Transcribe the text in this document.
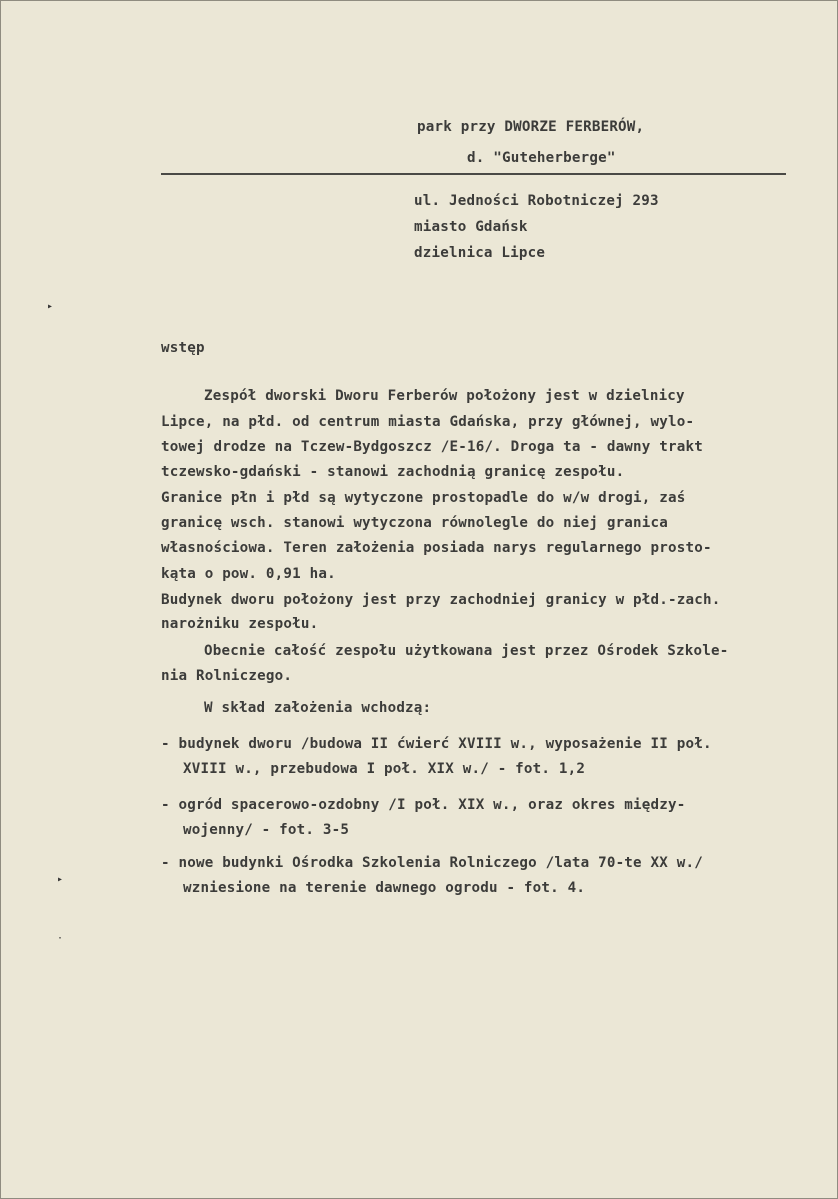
park przy DWORZE FERBERÓW,
d. "Guteherberge"
ul. Jedności Robotniczej 293
miasto Gdańsk
dzielnica Lipce
wstęp
Zespół dworski Dworu Ferberów położony jest w dzielnicy
Lipce, na płd. od centrum miasta Gdańska, przy głównej, wylo-
towej drodze na Tczew-Bydgoszcz /E-16/. Droga ta - dawny trakt
tczewsko-gdański - stanowi zachodnią granicę zespołu.
Granice płn i płd są wytyczone prostopadle do w/w drogi, zaś
granicę wsch. stanowi wytyczona równolegle do niej granica
własnościowa. Teren założenia posiada narys regularnego prosto-
kąta o pow. 0,91 ha.
Budynek dworu położony jest przy zachodniej granicy w płd.-zach.
narożniku zespołu.
Obecnie całość zespołu użytkowana jest przez Ośrodek Szkole-
nia Rolniczego.
W skład założenia wchodzą:
- budynek dworu /budowa II ćwierć XVIII w., wyposażenie II poł.
XVIII w., przebudowa I poł. XIX w./ - fot. 1,2
- ogród spacerowo-ozdobny /I poł. XIX w., oraz okres między-
wojenny/ - fot. 3-5
- nowe budynki Ośrodka Szkolenia Rolniczego /lata 70-te XX w./
wzniesione na terenie dawnego ogrodu - fot. 4.
▸
▸
·
